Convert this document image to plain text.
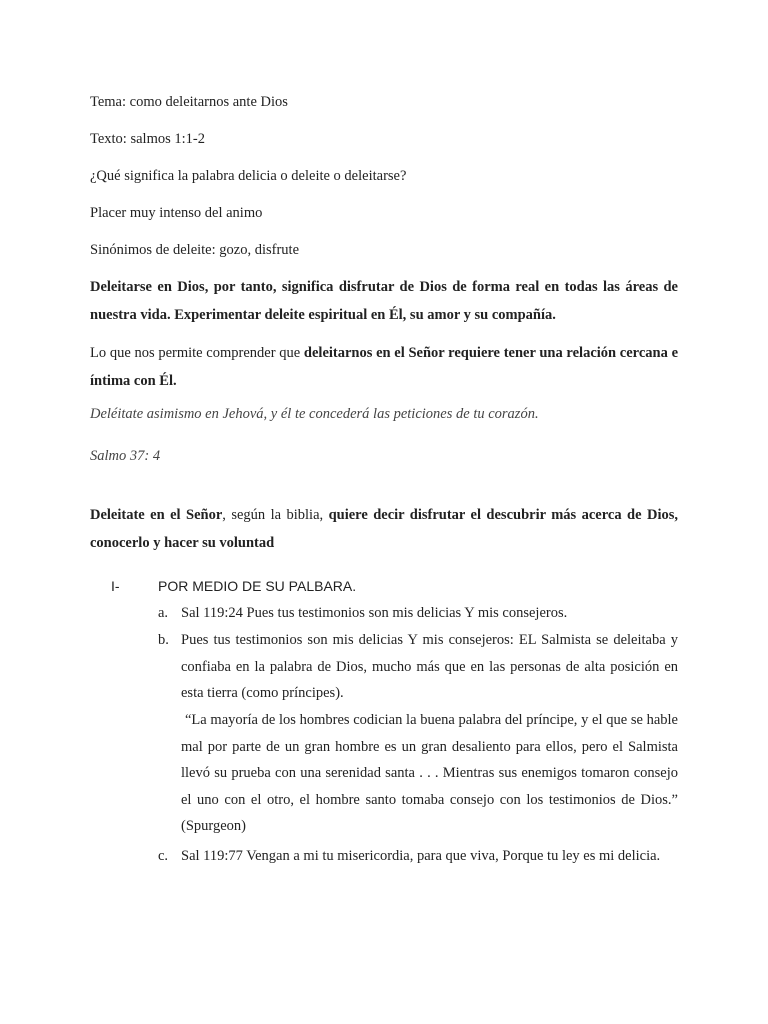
Tema: como deleitarnos ante Dios
Texto: salmos 1:1-2
¿Qué significa la palabra delicia o deleite o deleitarse?
Placer muy intenso del animo
Sinónimos de deleite: gozo, disfrute
Deleitarse en Dios, por tanto, significa disfrutar de Dios de forma real en todas las áreas de nuestra vida. Experimentar deleite espiritual en Él, su amor y su compañía.
Lo que nos permite comprender que deleitarnos en el Señor requiere tener una relación cercana e íntima con Él.
Deléitate asimismo en Jehová, y él te concederá las peticiones de tu corazón.
Salmo 37: 4
Deleitate en el Señor, según la biblia, quiere decir disfrutar el descubrir más acerca de Dios, conocerlo y hacer su voluntad
I-	POR MEDIO DE SU PALBARA.
a. Sal 119:24 Pues tus testimonios son mis delicias Y mis consejeros.
b. Pues tus testimonios son mis delicias Y mis consejeros: EL Salmista se deleitaba y confiaba en la palabra de Dios, mucho más que en las personas de alta posición en esta tierra (como príncipes).
“La mayoría de los hombres codician la buena palabra del príncipe, y el que se hable mal por parte de un gran hombre es un gran desaliento para ellos, pero el Salmista llevó su prueba con una serenidad santa . . . Mientras sus enemigos tomaron consejo el uno con el otro, el hombre santo tomaba consejo con los testimonios de Dios.” (Spurgeon)
c. Sal 119:77 Vengan a mi tu misericordia, para que viva, Porque tu ley es mi delicia.
